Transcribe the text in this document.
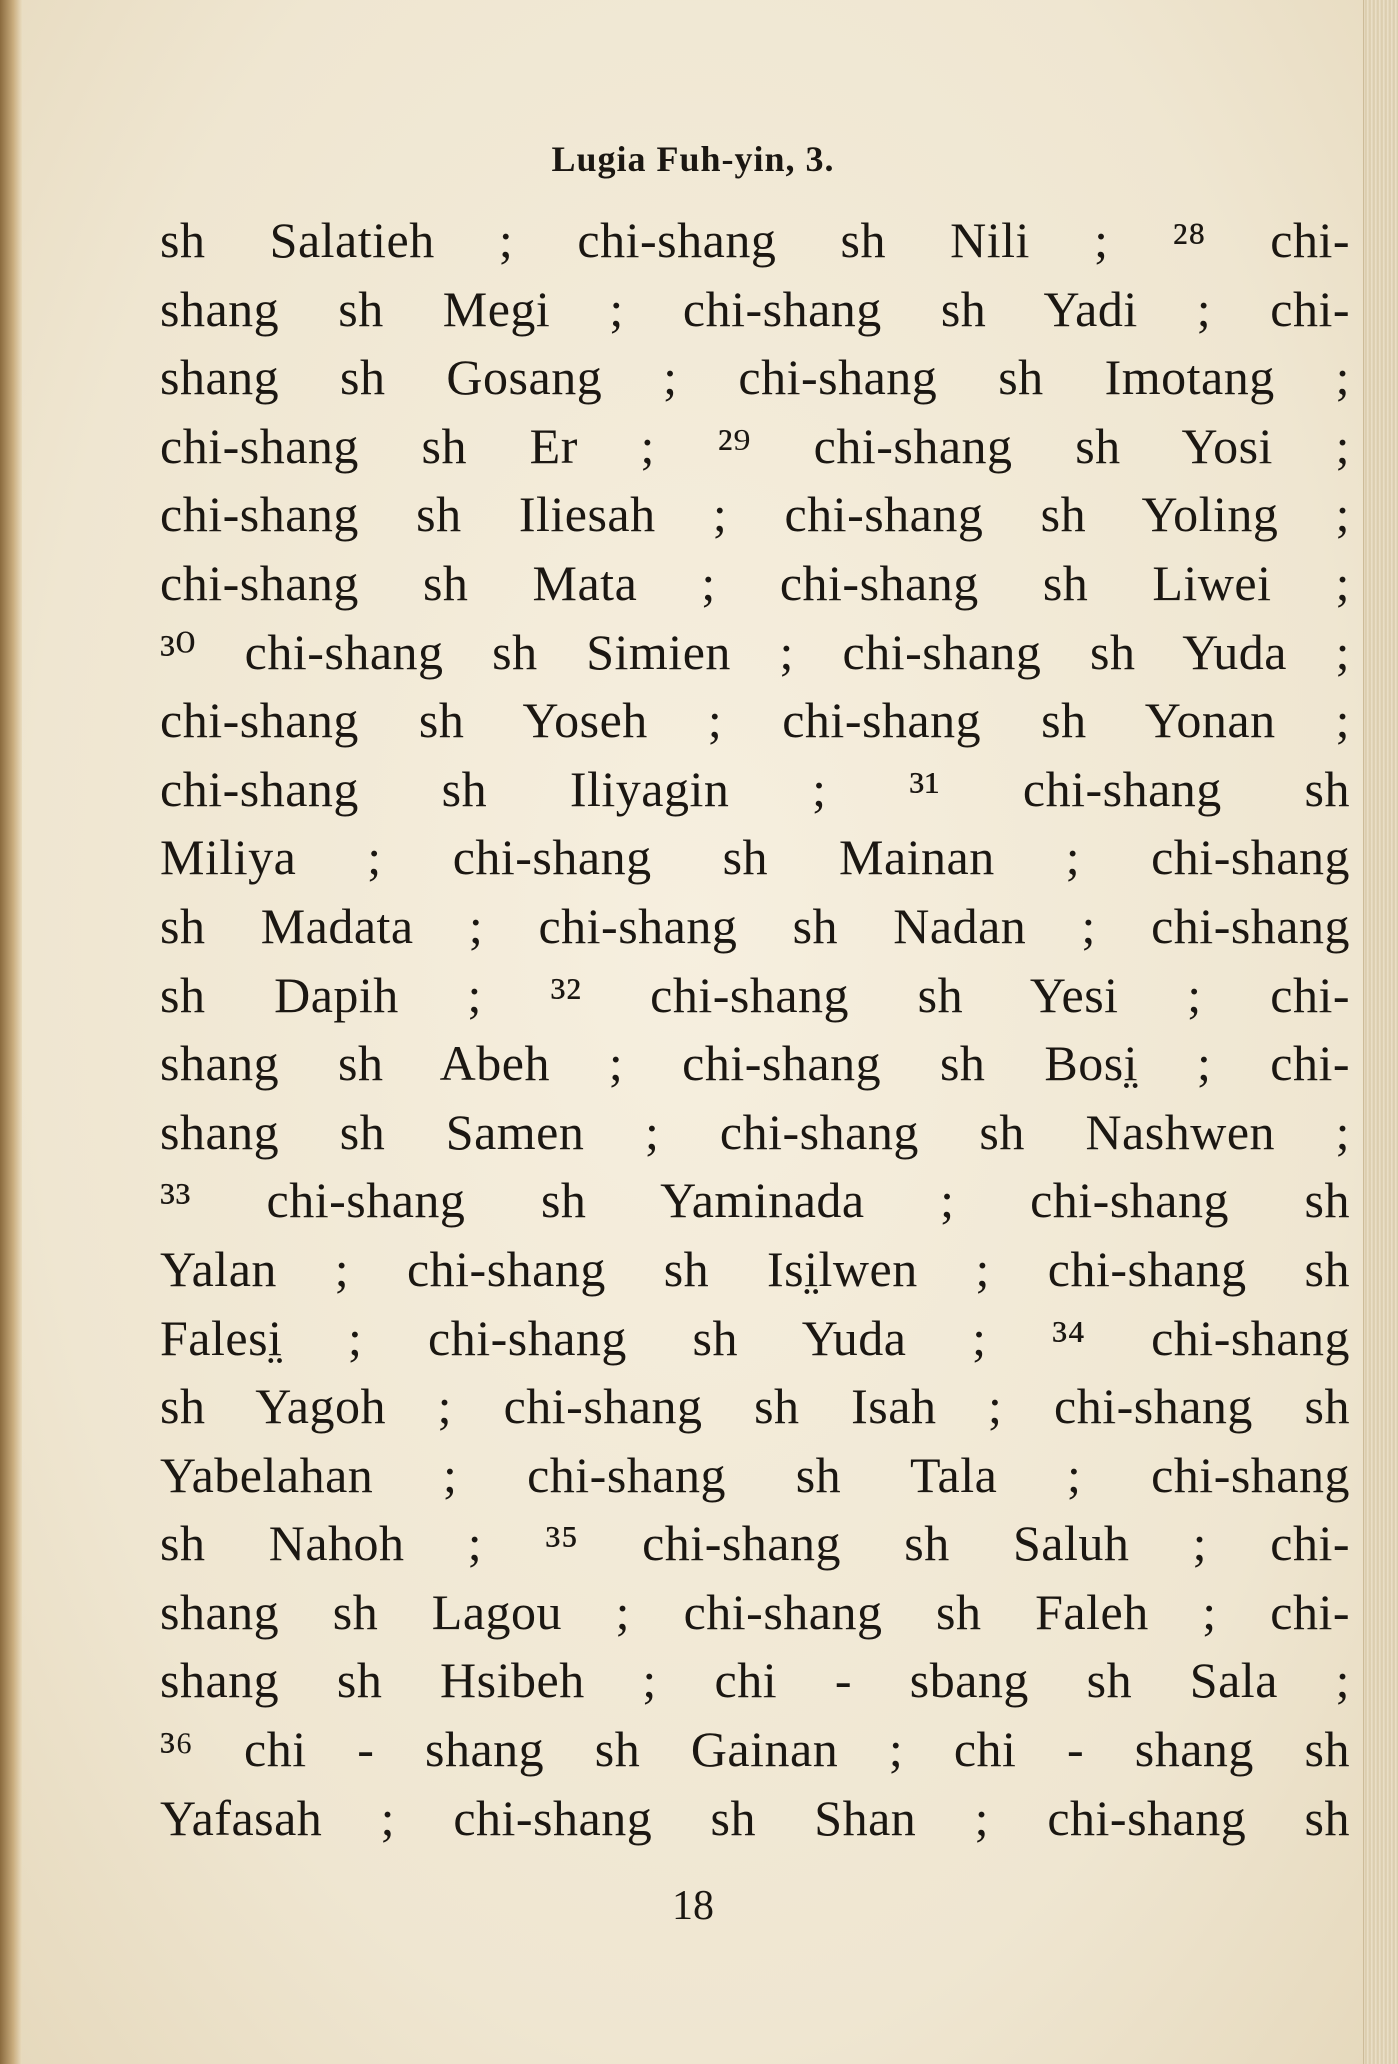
Lugia Fuh-yin, 3.
sh Salatieh ; chi-shang sh Nili ; ²⁸ chi-
shang sh Megi ; chi-shang sh Yadi ; chi-
shang sh Gosang ; chi-shang sh Imotang ;
chi-shang sh Er ; ²⁹ chi-shang sh Yosi ;
chi-shang sh Iliesah ; chi-shang sh Yoling ;
chi-shang sh Mata ; chi-shang sh Liwei ;
³⁰ chi-shang sh Simien ; chi-shang sh Yuda ;
chi-shang sh Yoseh ; chi-shang sh Yonan ;
chi-shang sh Iliyagin ; ³¹ chi-shang sh
Miliya ; chi-shang sh Mainan ; chi-shang
sh Madata ; chi-shang sh Nadan ; chi-shang
sh Dapih ; ³² chi-shang sh Yesi ; chi-
shang sh Abeh ; chi-shang sh Bosi̤ ; chi-
shang sh Samen ; chi-shang sh Nashwen ;
³³ chi-shang sh Yaminada ; chi-shang sh
Yalan ; chi-shang sh Isi̤lwen ; chi-shang sh
Falesi̤ ; chi-shang sh Yuda ; ³⁴ chi-shang
sh Yagoh ; chi-shang sh Isah ; chi-shang sh
Yabelahan ; chi-shang sh Tala ; chi-shang
sh Nahoh ; ³⁵ chi-shang sh Saluh ; chi-
shang sh Lagou ; chi-shang sh Faleh ; chi-
shang sh Hsibeh ; chi - sbang sh Sala ;
³⁶ chi - shang sh Gainan ; chi - shang sh
Yafasah ; chi-shang sh Shan ; chi-shang sh
18
